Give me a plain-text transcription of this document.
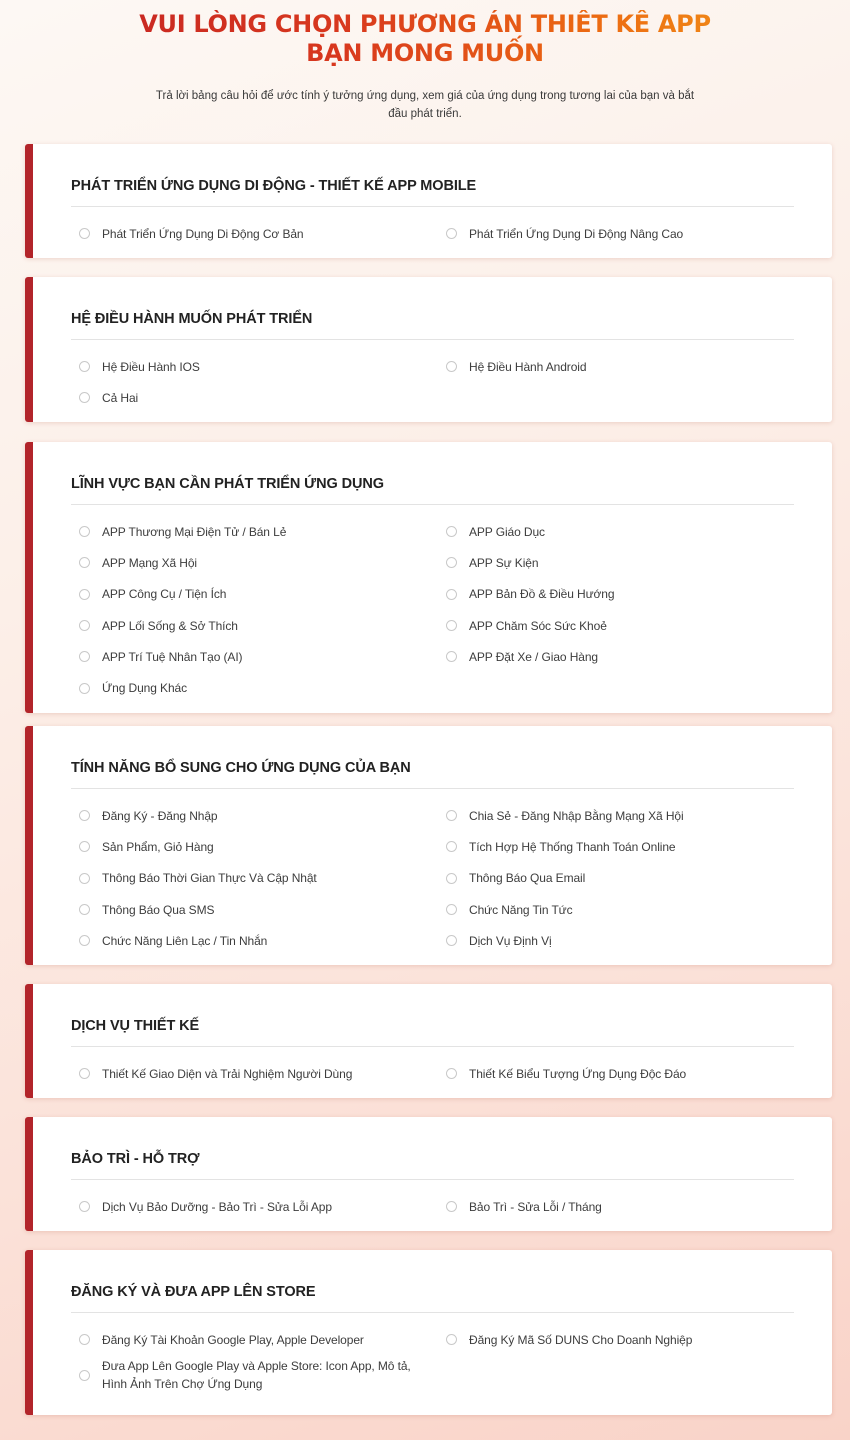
VUI LÒNG CHỌN PHƯƠNG ÁN THIẾT KẾ APP
BẠN MONG MUỐN

Trả lời bảng câu hỏi để ước tính ý tưởng ứng dụng, xem giá của ứng dụng trong tương lai của bạn và bắt đầu phát triển.

PHÁT TRIỂN ỨNG DỤNG DI ĐỘNG - THIẾT KẾ APP MOBILE
Phát Triển Ứng Dụng Di Động Cơ Bản	Phát Triển Ứng Dụng Di Động Nâng Cao
HỆ ĐIỀU HÀNH MUỐN PHÁT TRIỂN
Hệ Điều Hành IOS	Hệ Điều Hành Android
Cả Hai
LĨNH VỰC BẠN CẦN PHÁT TRIỂN ỨNG DỤNG
APP Thương Mại Điện Tử / Bán Lẻ	APP Giáo Dục
APP Mạng Xã Hội	APP Sự Kiện
APP Công Cụ / Tiện Ích	APP Bản Đồ & Điều Hướng
APP Lối Sống & Sở Thích	APP Chăm Sóc Sức Khoẻ
APP Trí Tuệ Nhân Tạo (AI)	APP Đặt Xe / Giao Hàng
Ứng Dụng Khác
TÍNH NĂNG BỔ SUNG CHO ỨNG DỤNG CỦA BẠN
Đăng Ký - Đăng Nhập	Chia Sẻ - Đăng Nhập Bằng Mạng Xã Hội
Sản Phẩm, Giỏ Hàng	Tích Hợp Hệ Thống Thanh Toán Online
Thông Báo Thời Gian Thực Và Cập Nhật	Thông Báo Qua Email
Thông Báo Qua SMS	Chức Năng Tin Tức
Chức Năng Liên Lạc / Tin Nhắn	Dịch Vụ Định Vị
DỊCH VỤ THIẾT KẾ
Thiết Kế Giao Diện và Trải Nghiệm Người Dùng	Thiết Kế Biểu Tượng Ứng Dụng Độc Đáo
BẢO TRÌ - HỖ TRỢ
Dịch Vụ Bảo Dưỡng - Bảo Trì - Sửa Lỗi App	Bảo Trì - Sửa Lỗi / Tháng
ĐĂNG KÝ VÀ ĐƯA APP LÊN STORE
Đăng Ký Tài Khoản Google Play, Apple Developer	Đăng Ký Mã Số DUNS Cho Doanh Nghiệp
Đưa App Lên Google Play và Apple Store: Icon App, Mô tả, Hình Ảnh Trên Chợ Ứng Dụng
